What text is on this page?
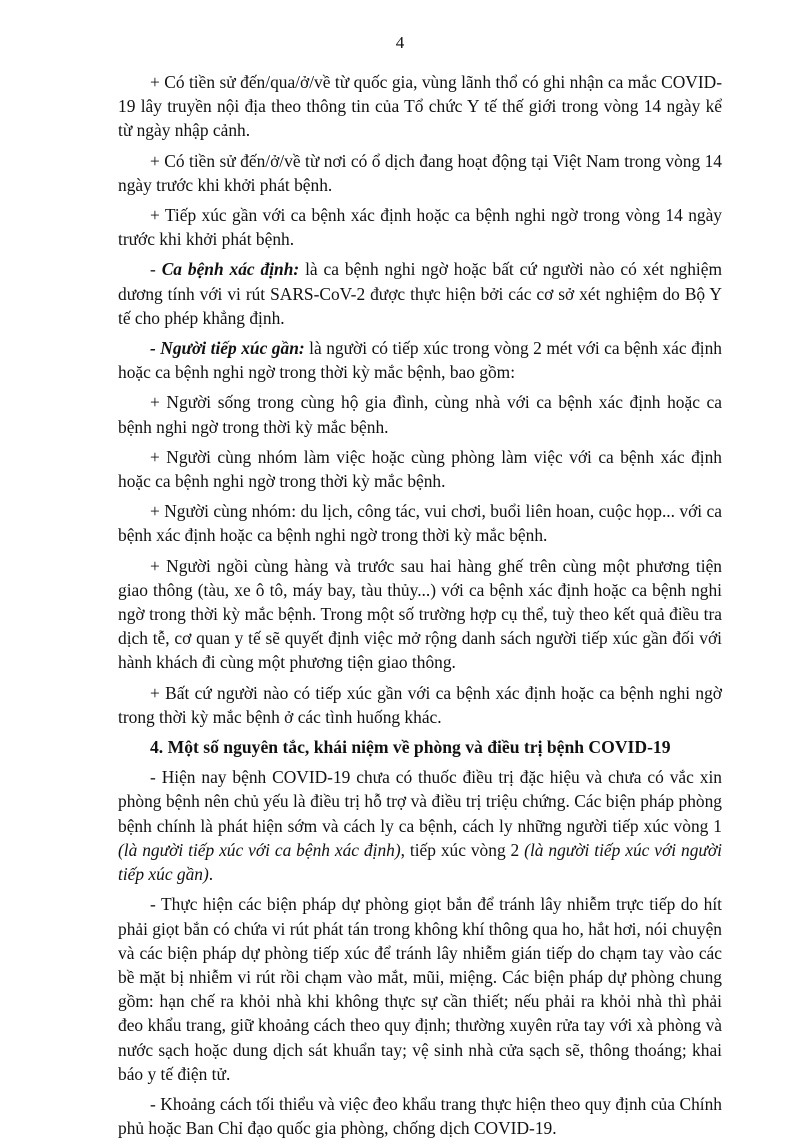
4

+ Có tiền sử đến/qua/ở/về từ quốc gia, vùng lãnh thổ có ghi nhận ca mắc COVID-19 lây truyền nội địa theo thông tin của Tổ chức Y tế thế giới trong vòng 14 ngày kể từ ngày nhập cảnh.

+ Có tiền sử đến/ở/về từ nơi có ổ dịch đang hoạt động tại Việt Nam trong vòng 14 ngày trước khi khởi phát bệnh.

+ Tiếp xúc gần với ca bệnh xác định hoặc ca bệnh nghi ngờ trong vòng 14 ngày trước khi khởi phát bệnh.

- Ca bệnh xác định: là ca bệnh nghi ngờ hoặc bất cứ người nào có xét nghiệm dương tính với vi rút SARS-CoV-2 được thực hiện bởi các cơ sở xét nghiệm do Bộ Y tế cho phép khẳng định.

- Người tiếp xúc gần: là người có tiếp xúc trong vòng 2 mét với ca bệnh xác định hoặc ca bệnh nghi ngờ trong thời kỳ mắc bệnh, bao gồm:

+ Người sống trong cùng hộ gia đình, cùng nhà với ca bệnh xác định hoặc ca bệnh nghi ngờ trong thời kỳ mắc bệnh.

+ Người cùng nhóm làm việc hoặc cùng phòng làm việc với ca bệnh xác định hoặc ca bệnh nghi ngờ trong thời kỳ mắc bệnh.

+ Người cùng nhóm: du lịch, công tác, vui chơi, buổi liên hoan, cuộc họp... với ca bệnh xác định hoặc ca bệnh nghi ngờ trong thời kỳ mắc bệnh.

+ Người ngồi cùng hàng và trước sau hai hàng ghế trên cùng một phương tiện giao thông (tàu, xe ô tô, máy bay, tàu thủy...) với ca bệnh xác định hoặc ca bệnh nghi ngờ trong thời kỳ mắc bệnh. Trong một số trường hợp cụ thể, tuỳ theo kết quả điều tra dịch tễ, cơ quan y tế sẽ quyết định việc mở rộng danh sách người tiếp xúc gần đối với hành khách đi cùng một phương tiện giao thông.

+ Bất cứ người nào có tiếp xúc gần với ca bệnh xác định hoặc ca bệnh nghi ngờ trong thời kỳ mắc bệnh ở các tình huống khác.

4. Một số nguyên tắc, khái niệm về phòng và điều trị bệnh COVID-19

- Hiện nay bệnh COVID-19 chưa có thuốc điều trị đặc hiệu và chưa có vắc xin phòng bệnh nên chủ yếu là điều trị hỗ trợ và điều trị triệu chứng. Các biện pháp phòng bệnh chính là phát hiện sớm và cách ly ca bệnh, cách ly những người tiếp xúc vòng 1 (là người tiếp xúc với ca bệnh xác định), tiếp xúc vòng 2 (là người tiếp xúc với người tiếp xúc gần).

- Thực hiện các biện pháp dự phòng giọt bắn để tránh lây nhiễm trực tiếp do hít phải giọt bắn có chứa vi rút phát tán trong không khí thông qua ho, hắt hơi, nói chuyện và các biện pháp dự phòng tiếp xúc để tránh lây nhiễm gián tiếp do chạm tay vào các bề mặt bị nhiễm vi rút rồi chạm vào mắt, mũi, miệng. Các biện pháp dự phòng chung gồm: hạn chế ra khỏi nhà khi không thực sự cần thiết; nếu phải ra khỏi nhà thì phải đeo khẩu trang, giữ khoảng cách theo quy định; thường xuyên rửa tay với xà phòng và nước sạch hoặc dung dịch sát khuẩn tay; vệ sinh nhà cửa sạch sẽ, thông thoáng; khai báo y tế điện tử.

- Khoảng cách tối thiểu và việc đeo khẩu trang thực hiện theo quy định của Chính phủ hoặc Ban Chỉ đạo quốc gia phòng, chống dịch COVID-19.
